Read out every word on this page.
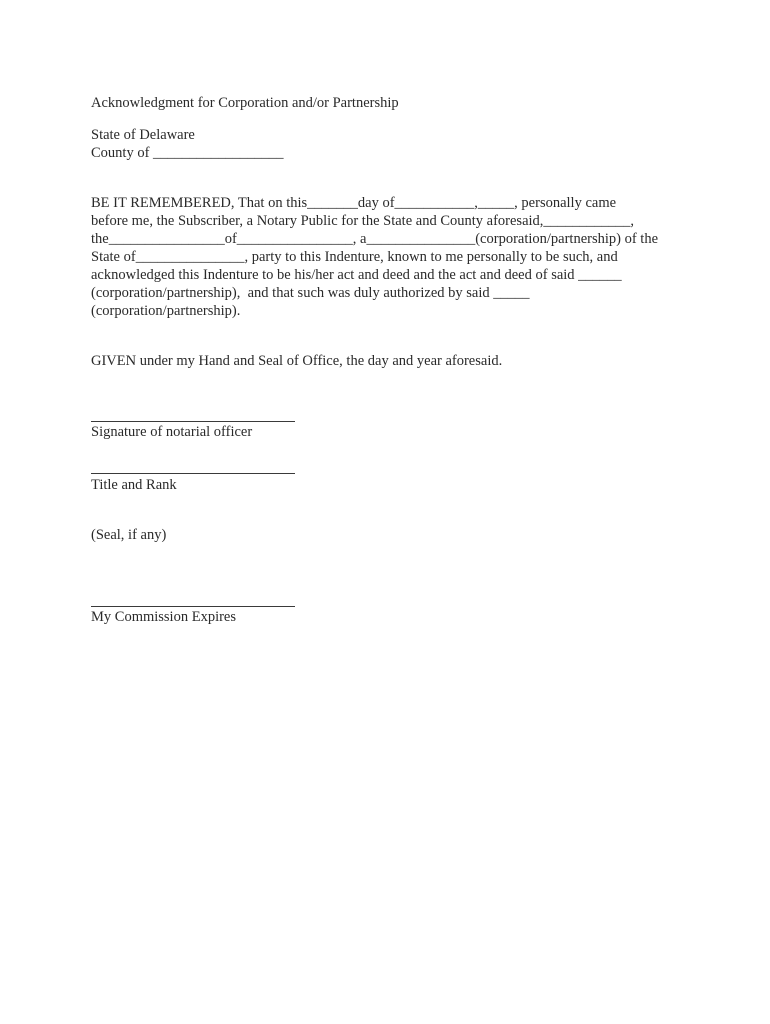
Acknowledgment for Corporation and/or Partnership
State of Delaware
County of __________________
BE IT REMEMBERED, That on this_______day of___________,_____, personally came
before me, the Subscriber, a Notary Public for the State and County aforesaid,____________,
the________________of________________, a_______________(corporation/partnership) of the
State of_______________, party to this Indenture, known to me personally to be such, and
acknowledged this Indenture to be his/her act and deed and the act and deed of said ______
(corporation/partnership),  and that such was duly authorized by said _____
(corporation/partnership).
GIVEN under my Hand and Seal of Office, the day and year aforesaid.
Signature of notarial officer
Title and Rank
(Seal, if any)
My Commission Expires
